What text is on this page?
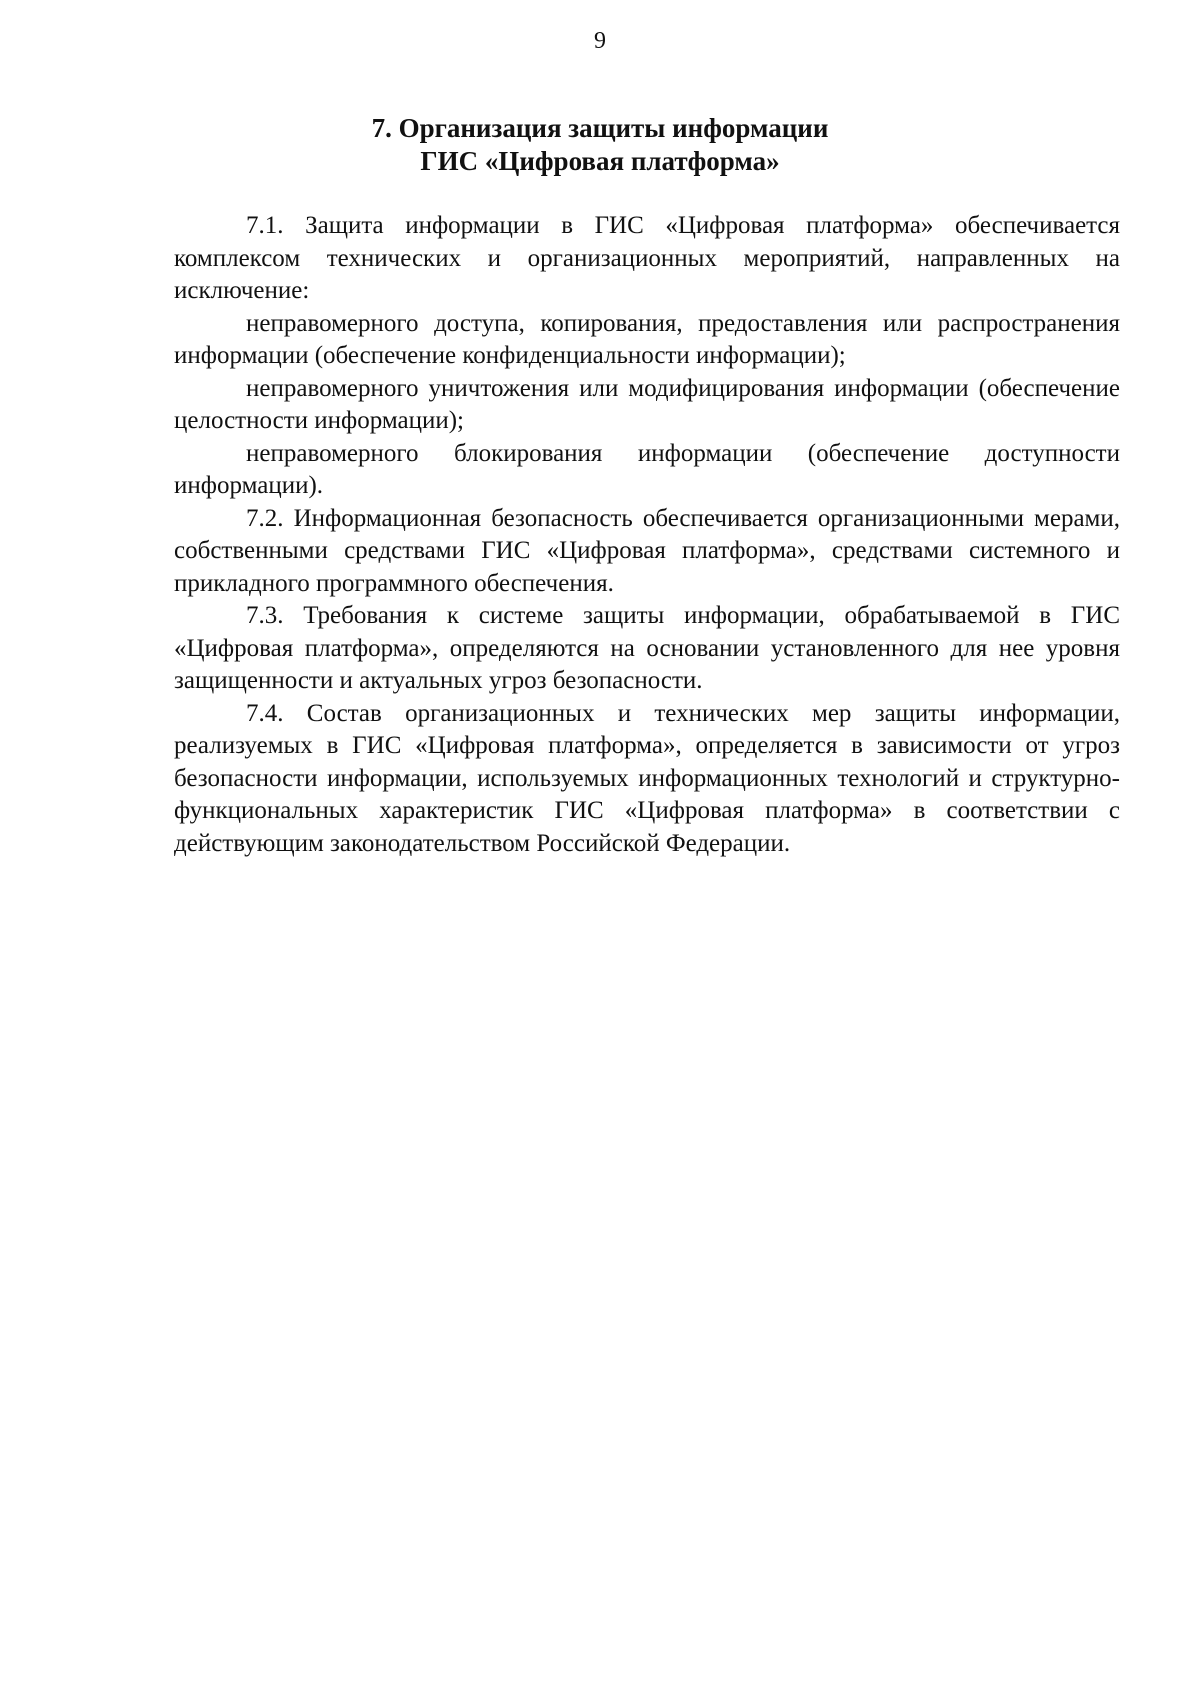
9
7. Организация защиты информации
ГИС «Цифровая платформа»

7.1. Защита информации в ГИС «Цифровая платформа» обеспечивается комплексом технических и организационных мероприятий, направленных на исключение:

неправомерного доступа, копирования, предоставления или распространения информации (обеспечение конфиденциальности информации);

неправомерного уничтожения или модифицирования информации (обеспечение целостности информации);

неправомерного блокирования информации (обеспечение доступности информации).

7.2. Информационная безопасность обеспечивается организационными мерами, собственными средствами ГИС «Цифровая платформа», средствами системного и прикладного программного обеспечения.

7.3. Требования к системе защиты информации, обрабатываемой в ГИС «Цифровая платформа», определяются на основании установленного для нее уровня защищенности и актуальных угроз безопасности.

7.4. Состав организационных и технических мер защиты информации, реализуемых в ГИС «Цифровая платформа», определяется в зависимости от угроз безопасности информации, используемых информационных технологий и структурно-функциональных характеристик ГИС «Цифровая платформа» в соответствии с действующим законодательством Российской Федерации.
